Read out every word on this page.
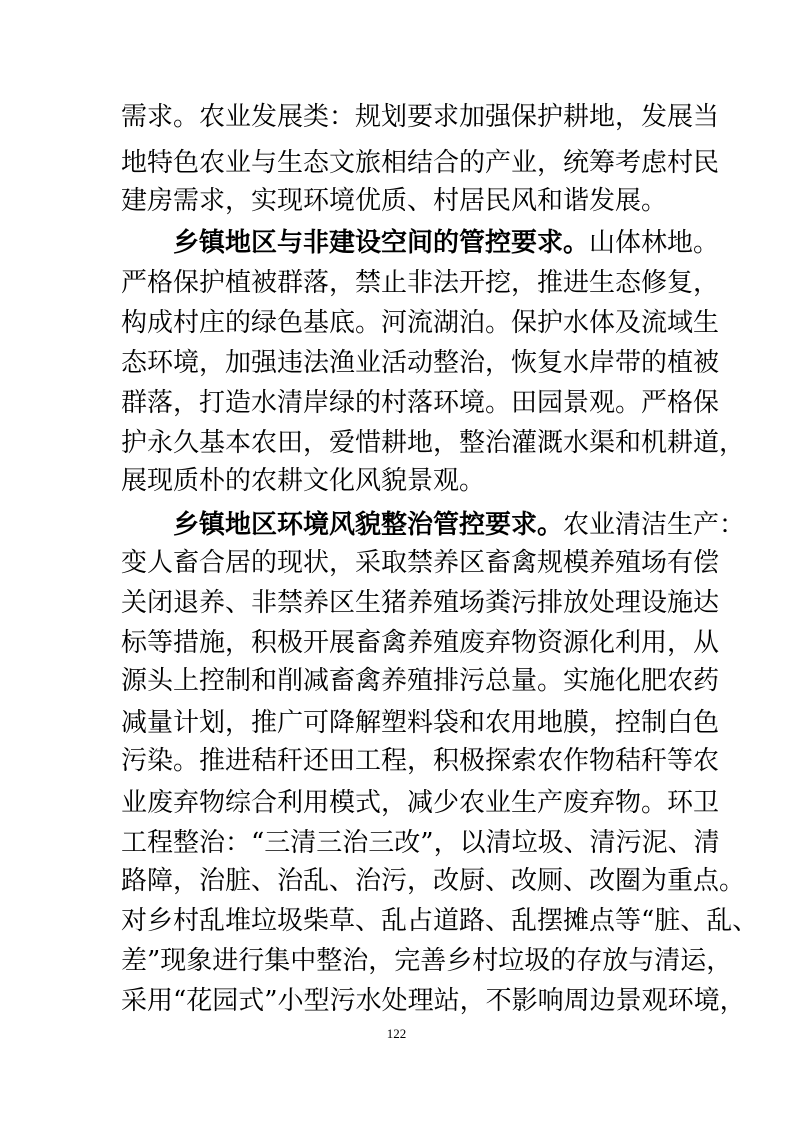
需求。农业发展类：规划要求加强保护耕地，发展当
地特色农业与生态文旅相结合的产业，统筹考虑村民
建房需求，实现环境优质、村居民风和谐发展。
乡镇地区与非建设空间的管控要求。山体林地。
严格保护植被群落，禁止非法开挖，推进生态修复，
构成村庄的绿色基底。河流湖泊。保护水体及流域生
态环境，加强违法渔业活动整治，恢复水岸带的植被
群落，打造水清岸绿的村落环境。田园景观。严格保
护永久基本农田，爱惜耕地，整治灌溉水渠和机耕道，
展现质朴的农耕文化风貌景观。
乡镇地区环境风貌整治管控要求。农业清洁生产：
变人畜合居的现状，采取禁养区畜禽规模养殖场有偿
关闭退养、非禁养区生猪养殖场粪污排放处理设施达
标等措施，积极开展畜禽养殖废弃物资源化利用，从
源头上控制和削减畜禽养殖排污总量。实施化肥农药
减量计划，推广可降解塑料袋和农用地膜，控制白色
污染。推进秸秆还田工程，积极探索农作物秸秆等农
业废弃物综合利用模式，减少农业生产废弃物。环卫
工程整治：“三清三治三改”，以清垃圾、清污泥、清
路障，治脏、治乱、治污，改厨、改厕、改圈为重点。
对乡村乱堆垃圾柴草、乱占道路、乱摆摊点等“脏、乱、
差”现象进行集中整治，完善乡村垃圾的存放与清运，
采用“花园式”小型污水处理站，不影响周边景观环境，
122
